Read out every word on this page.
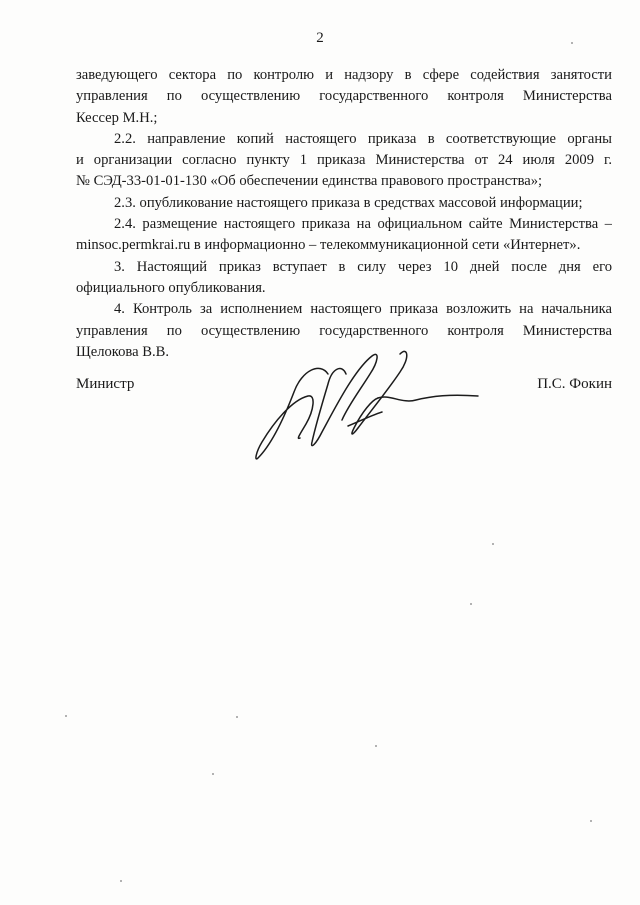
2
заведующего сектора по контролю и надзору в сфере содействия занятости
управления по осуществлению государственного контроля Министерства
Кессер М.Н.;
2.2. направление копий настоящего приказа в соответствующие органы
и организации согласно пункту 1 приказа Министерства от 24 июля 2009 г.
№ СЭД-33-01-01-130 «Об обеспечении единства правового пространства»;
2.3. опубликование настоящего приказа в средствах массовой информации;
2.4. размещение настоящего приказа на официальном сайте Министерства –
minsoc.permkrai.ru в информационно – телекоммуникационной сети «Интернет».
3. Настоящий приказ вступает в силу через 10 дней после дня его
официального опубликования.
4. Контроль за исполнением настоящего приказа возложить на начальника
управления по осуществлению государственного контроля Министерства
Щелокова В.В.
Министр	П.С. Фокин
